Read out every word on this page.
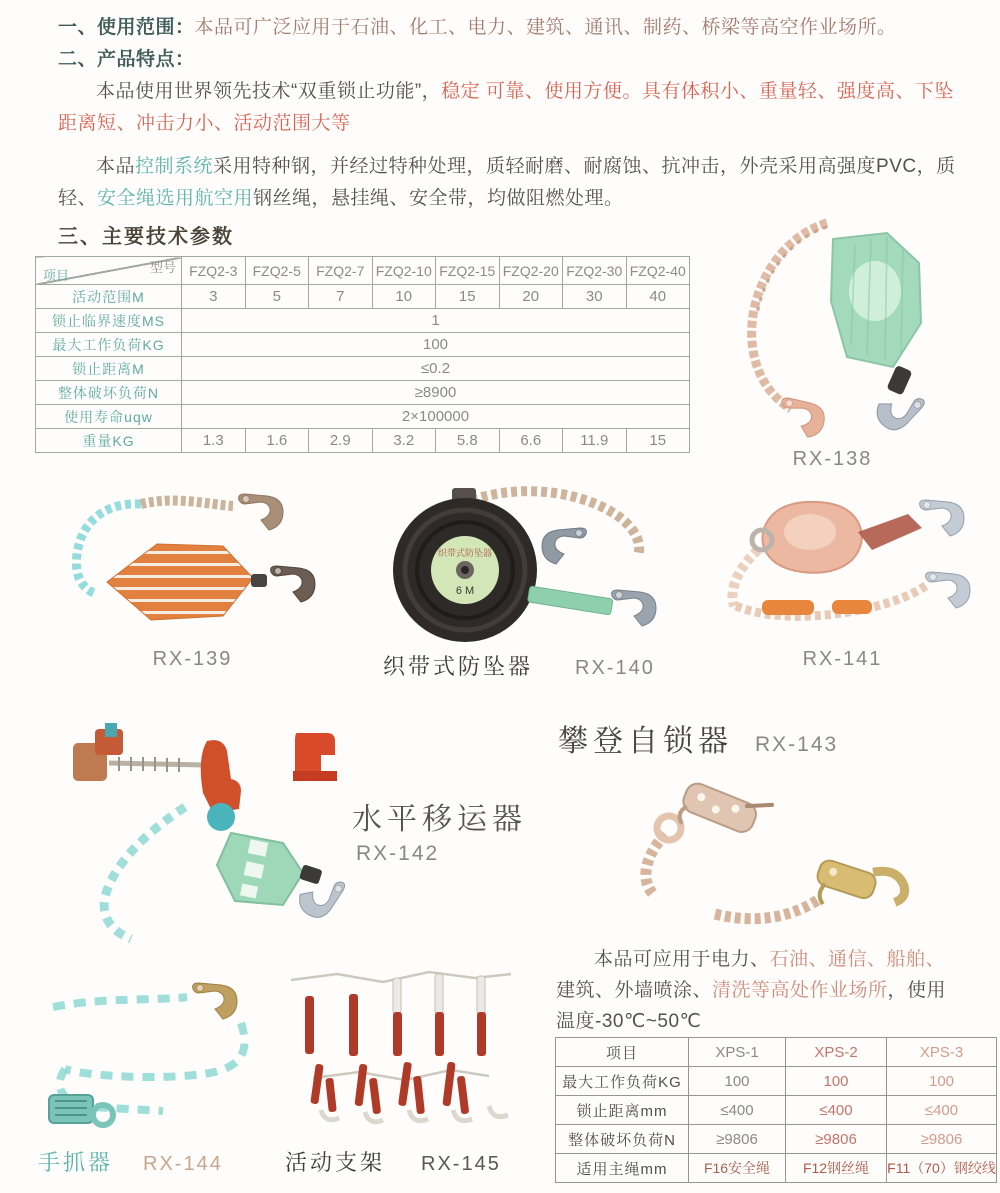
一、使用范围：本品可广泛应用于石油、化工、电力、建筑、通讯、制药、桥梁等高空作业场所。

二、产品特点：

本品使用世界领先技术“双重锁止功能”，稳定 可靠、使用方便。具有体积小、重量轻、强度高、下坠距离短、冲击力小、活动范围大等

本品控制系统采用特种钢，并经过特种处理，质轻耐磨、耐腐蚀、抗冲击，外壳采用高强度PVC，质轻、安全绳选用航空用钢丝绳，悬挂绳、安全带，均做阻燃处理。

三、主要技术参数
型号
项目	FZQ2-3	FZQ2-5	FZQ2-7	FZQ2-10	FZQ2-15	FZQ2-20	FZQ2-30	FZQ2-40
活动范围M	3	5	7	10	15	20	30	40
锁止临界速度MS	1							
最大工作负荷KG	100							
锁止距离M	≤0.2							
整体破坏负荷N	≥8900							
使用寿命uqw	2×100000							
重量KG	1.3	1.6	2.9	3.2	5.8	6.6	11.9	15
RX-138
RX-139
织带式防坠器
6 M
织带式防坠器 RX-140	RX-141
水平移运器
RX-142
攀登自锁器 RX-143
手抓器 RX-144	活动支架 RX-145

本品可应用于电力、石油、通信、船舶、建筑、外墙喷涂、清洗等高处作业场所，使用温度-30℃~50℃

项目	XPS-1	XPS-2	XPS-3
最大工作负荷KG	100	100	100
锁止距离mm	≤400	≤400	≤400
整体破坏负荷N	≥9806	≥9806	≥9806
适用主绳mm	F16安全绳	F12钢丝绳	F11（70）钢绞线
